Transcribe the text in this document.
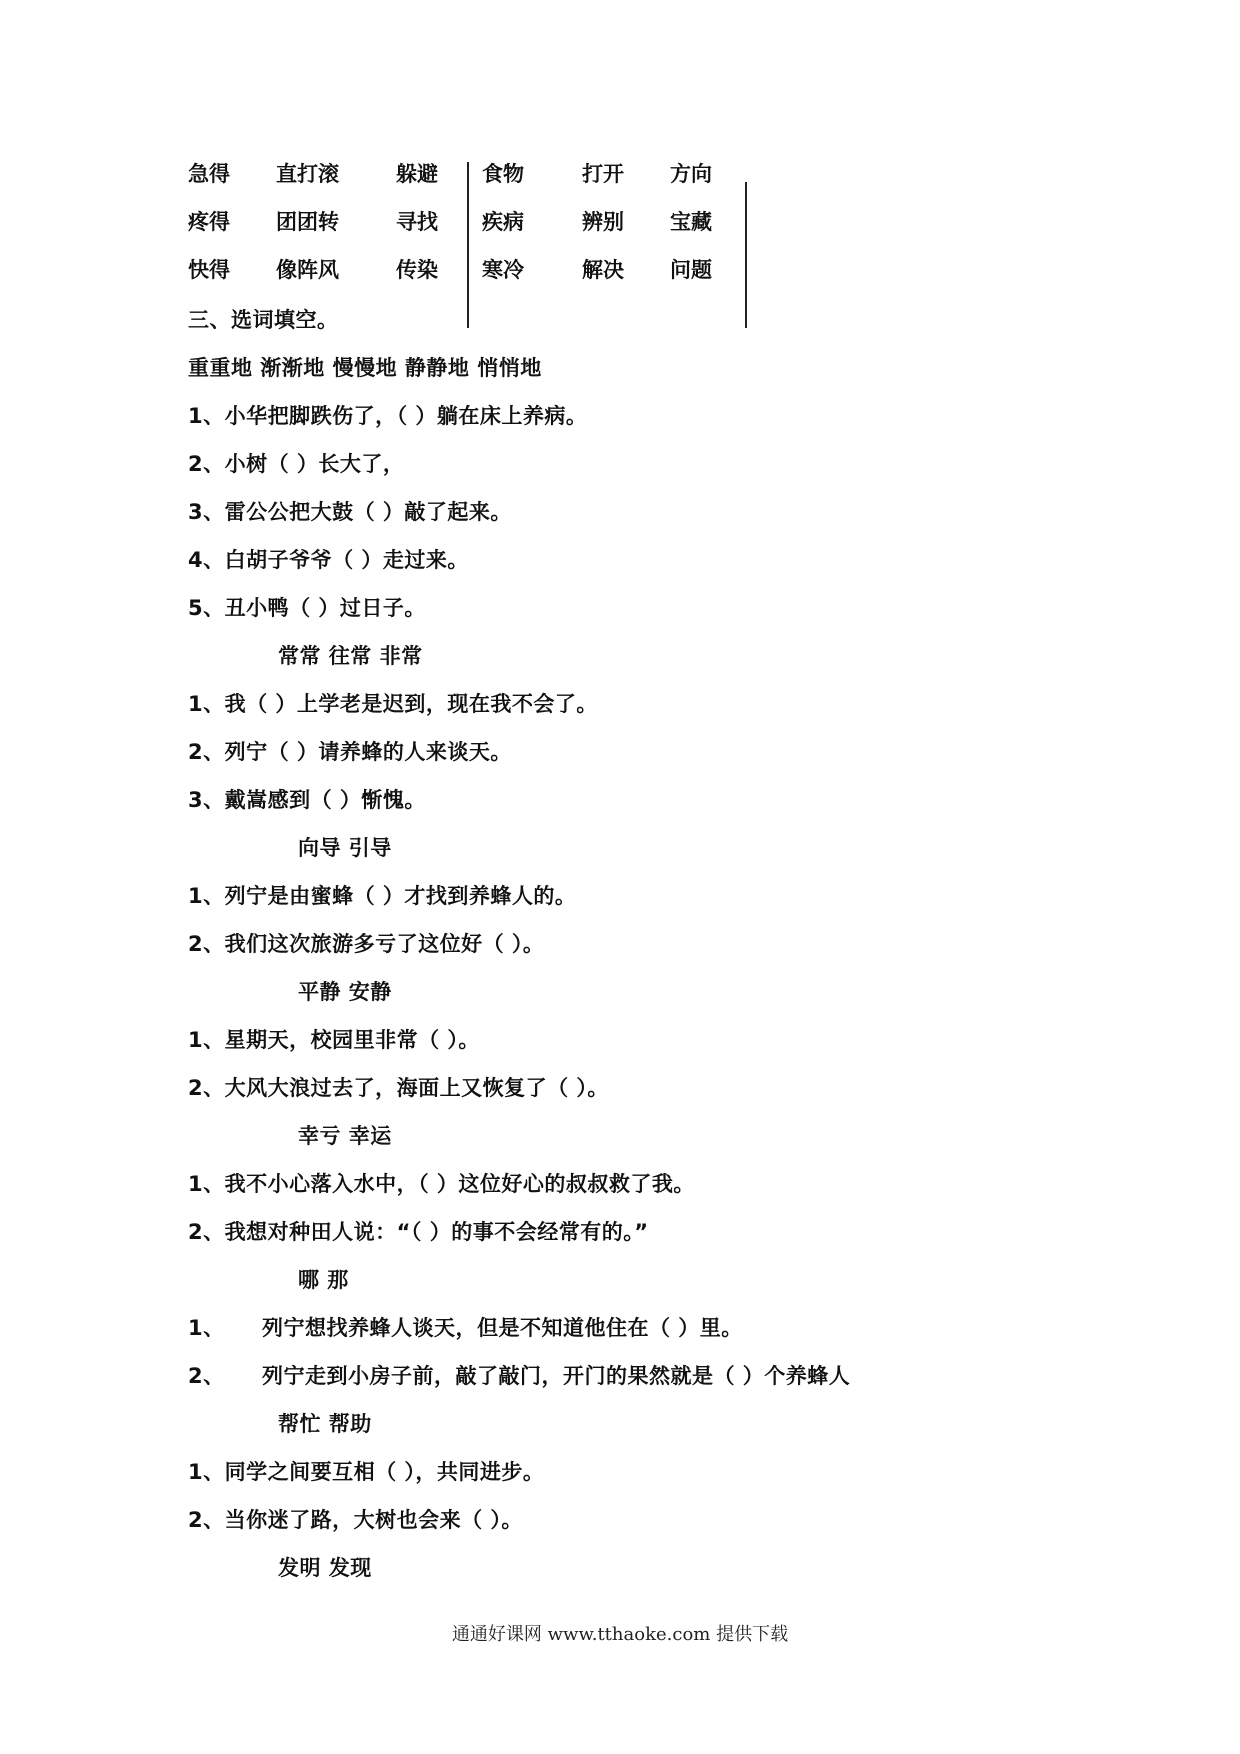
急得 直打滚	躲避 食物	打开 方向
疼得 团团转	寻找 疾病	辨别 宝藏
快得 像阵风	传染 寒冷	解决 问题
三、选词填空。
重重地 渐渐地 慢慢地 静静地 悄悄地
1、小华把脚跌伤了，（ ）躺在床上养病。
2、小树（ ）长大了，
3、雷公公把大鼓（ ）敲了起来。
4、白胡子爷爷（ ）走过来。
5、丑小鸭（ ）过日子。
常常 往常 非常
1、我（ ）上学老是迟到，现在我不会了。
2、列宁（ ）请养蜂的人来谈天。
3、戴嵩感到（ ）惭愧。
向导 引导
1、列宁是由蜜蜂（ ）才找到养蜂人的。
2、我们这次旅游多亏了这位好（ ）。
平静 安静
1、星期天，校园里非常（ ）。
2、大风大浪过去了，海面上又恢复了（ ）。
幸亏 幸运
1、我不小心落入水中，（ ）这位好心的叔叔救了我。
2、我想对种田人说：“（ ）的事不会经常有的。”
哪 那
1、 列宁想找养蜂人谈天，但是不知道他住在（ ）里。
2、 列宁走到小房子前，敲了敲门，开门的果然就是（ ）个养蜂人
帮忙 帮助
1、同学之间要互相（ ），共同进步。
2、当你迷了路，大树也会来（ ）。
发明 发现
通通好课网 www.tthaoke.com 提供下载
